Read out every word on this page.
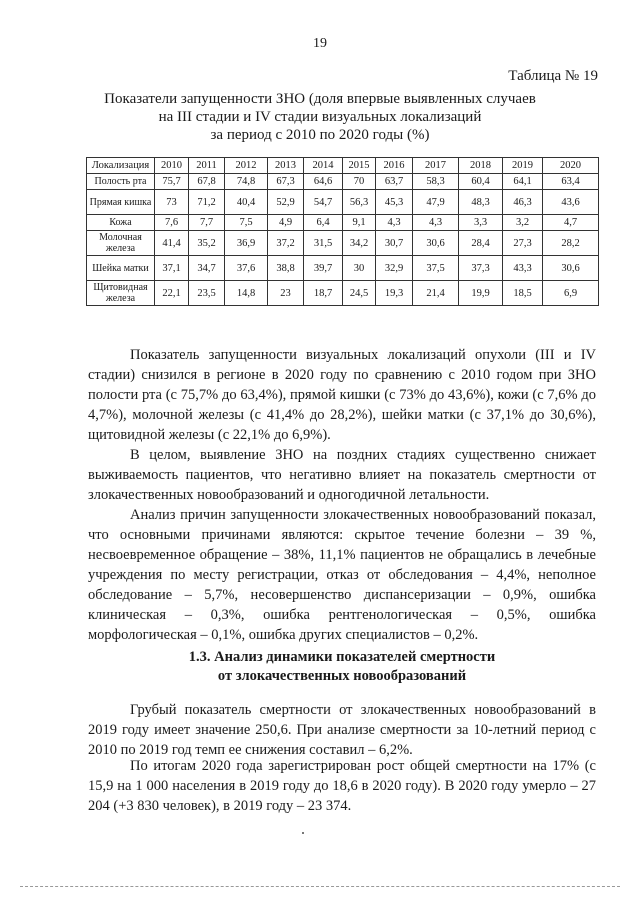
19
Таблица № 19
Показатели запущенности ЗНО (доля впервые выявленных случаев
на III стадии и IV стадии визуальных локализаций
за период с 2010 по 2020 годы (%)
Локализация	2010	2011	2012	2013	2014	2015	2016	2017	2018	2019	2020
Полость рта	75,7	67,8	74,8	67,3	64,6	70	63,7	58,3	60,4	64,1	63,4
Прямая кишка	73	71,2	40,4	52,9	54,7	56,3	45,3	47,9	48,3	46,3	43,6
Кожа	7,6	7,7	7,5	4,9	6,4	9,1	4,3	4,3	3,3	3,2	4,7
Молочная железа	41,4	35,2	36,9	37,2	31,5	34,2	30,7	30,6	28,4	27,3	28,2
Шейка матки	37,1	34,7	37,6	38,8	39,7	30	32,9	37,5	37,3	43,3	30,6
Щитовидная железа	22,1	23,5	14,8	23	18,7	24,5	19,3	21,4	19,9	18,5	6,9

Показатель запущенности визуальных локализаций опухоли (III и IV стадии) снизился в регионе в 2020 году по сравнению с 2010 годом при ЗНО полости рта (с 75,7% до 63,4%), прямой кишки (с 73% до 43,6%), кожи (с 7,6% до 4,7%), молочной железы (с 41,4% до 28,2%), шейки матки (с 37,1% до 30,6%), щитовидной железы (с 22,1% до 6,9%).

В целом, выявление ЗНО на поздних стадиях существенно снижает выживаемость пациентов, что негативно влияет на показатель смертности от злокачественных новообразований и одногодичной летальности.

Анализ причин запущенности злокачественных новообразований показал, что основными причинами являются: скрытое течение болезни – 39 %, несвоевременное обращение – 38%, 11,1% пациентов не обращались в лечебные учреждения по месту регистрации, отказ от обследования – 4,4%, неполное обследование – 5,7%, несовершенство диспансеризации – 0,9%, ошибка клиническая – 0,3%, ошибка рентгенологическая – 0,5%, ошибка морфологическая – 0,1%, ошибка других специалистов – 0,2%.

1.3. Анализ динамики показателей смертности
от злокачественных новообразований

Грубый показатель смертности от злокачественных новообразований в 2019 году имеет значение 250,6. При анализе смертности за 10-летний период с 2010 по 2019 год темп ее снижения составил – 6,2%.

По итогам 2020 года зарегистрирован рост общей смертности на 17% (с 15,9 на 1 000 населения в 2019 году до 18,6 в 2020 году). В 2020 году умерло – 27 204 (+3 830 человек), в 2019 году – 23 374.
